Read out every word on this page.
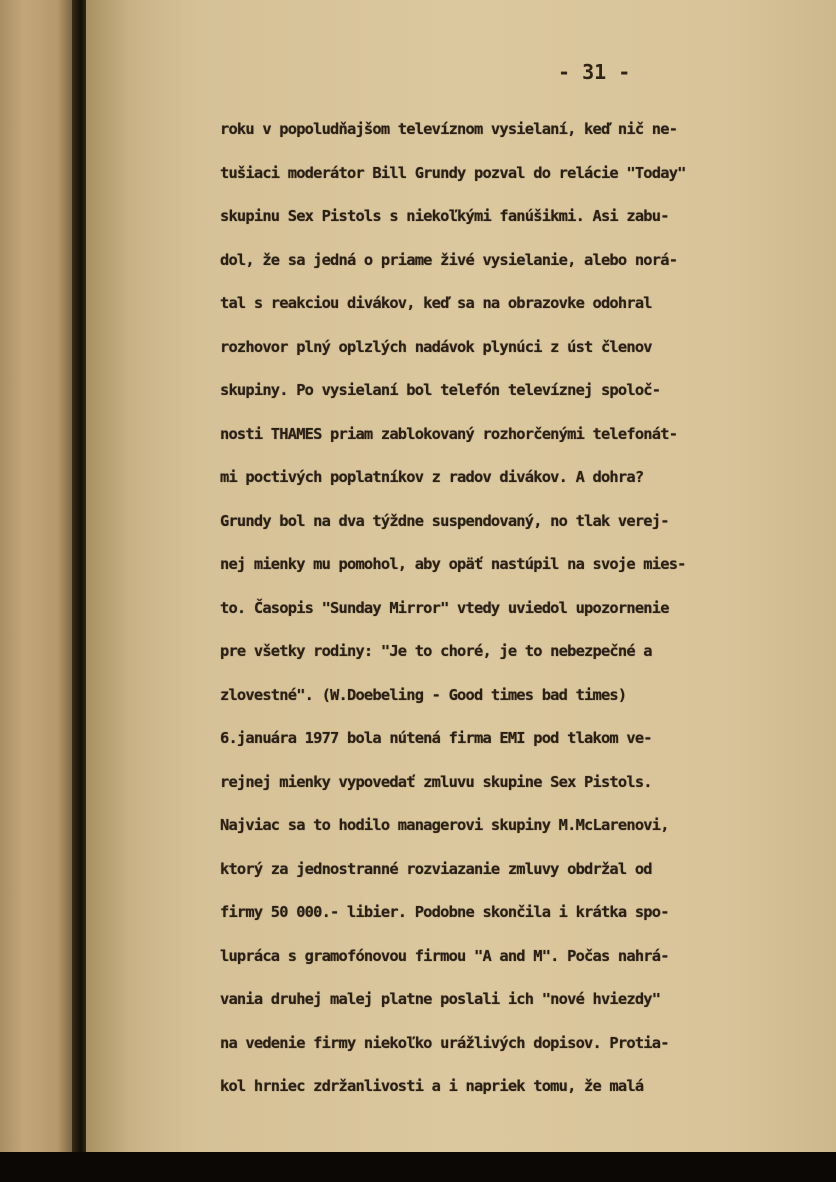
- 31 -
roku v popoludňajšom televíznom vysielaní, keď nič ne-
tušiaci moderátor Bill Grundy pozval do relácie "Today"
skupinu Sex Pistols s niekoľkými fanúšikmi. Asi zabu-
dol, že sa jedná o priame živé vysielanie, alebo norá-
tal s reakciou divákov, keď sa na obrazovke odohral
rozhovor plný oplzlých nadávok plynúci z úst členov
skupiny. Po vysielaní bol telefón televíznej spoloč-
nosti THAMES priam zablokovaný rozhorčenými telefonát-
mi poctivých poplatníkov z radov divákov. A dohra?
Grundy bol na dva týždne suspendovaný, no tlak verej-
nej mienky mu pomohol, aby opäť nastúpil na svoje mies-
to. Časopis "Sunday Mirror" vtedy uviedol upozornenie
pre všetky rodiny: "Je to choré, je to nebezpečné a
zlovestné". (W.Doebeling - Good times bad times)
6.januára 1977 bola nútená firma EMI pod tlakom ve-
rejnej mienky vypovedať zmluvu skupine Sex Pistols.
Najviac sa to hodilo managerovi skupiny M.McLarenovi,
ktorý za jednostranné rozviazanie zmluvy obdržal od
firmy 50 000.- libier. Podobne skončila i krátka spo-
lupráca s gramofónovou firmou "A and M". Počas nahrá-
vania druhej malej platne poslali ich "nové hviezdy"
na vedenie firmy niekoľko urážlivých dopisov. Protia-
kol hrniec zdržanlivosti a i napriek tomu, že malá
